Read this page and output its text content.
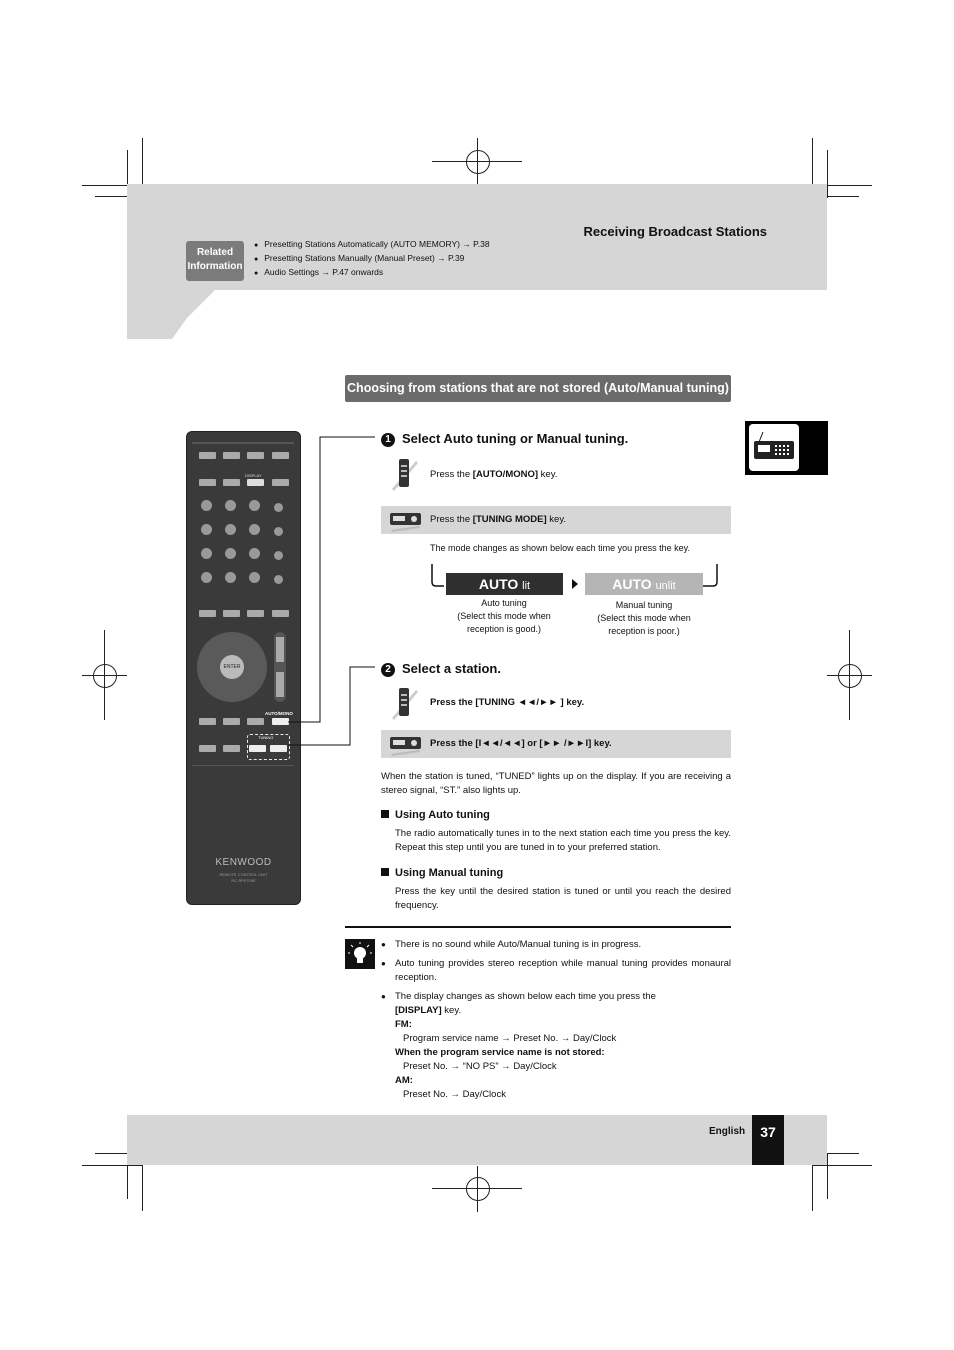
Receiving Broadcast Stations
Related
Information
● Presetting Stations Automatically (AUTO MEMORY) → P.38
● Presetting Stations Manually (Manual Preset) → P.39
● Audio Settings → P.47 onwards
Choosing from stations that are not stored (Auto/Manual tuning)
DISPLAY
ENTER
AUTO/MONO
TUNING
KENWOOD
REMOTE CONTROL UNIT
RC-RP0709E
1 Select Auto tuning or Manual tuning.
Press the [AUTO/MONO] key.
Press the [TUNING MODE] key.
The mode changes as shown below each time you press the key.
AUTO lit	AUTO unlit
Auto tuning
(Select this mode when
reception is good.)
Manual tuning
(Select this mode when
reception is poor.)
2 Select a station.
Press the [TUNING ◄◄/►► ] key.
Press the [I◄◄/◄◄] or [►► /►►I] key.
When the station is tuned, “TUNED” lights up on the display. If you are receiving a stereo signal, “ST.” also lights up.
Using Auto tuning
The radio automatically tunes in to the next station each time you press the key. Repeat this step until you are tuned in to your preferred station.
Using Manual tuning
Press the key until the desired station is tuned or until you reach the desired frequency.
● There is no sound while Auto/Manual tuning is in progress.
● Auto tuning provides stereo reception while manual tuning provides monaural reception.
● The display changes as shown below each time you press the
[DISPLAY] key.
FM:
Program service name → Preset No. → Day/Clock
When the program service name is not stored:
Preset No. → “NO PS” → Day/Clock
AM:
Preset No. → Day/Clock
English	37
